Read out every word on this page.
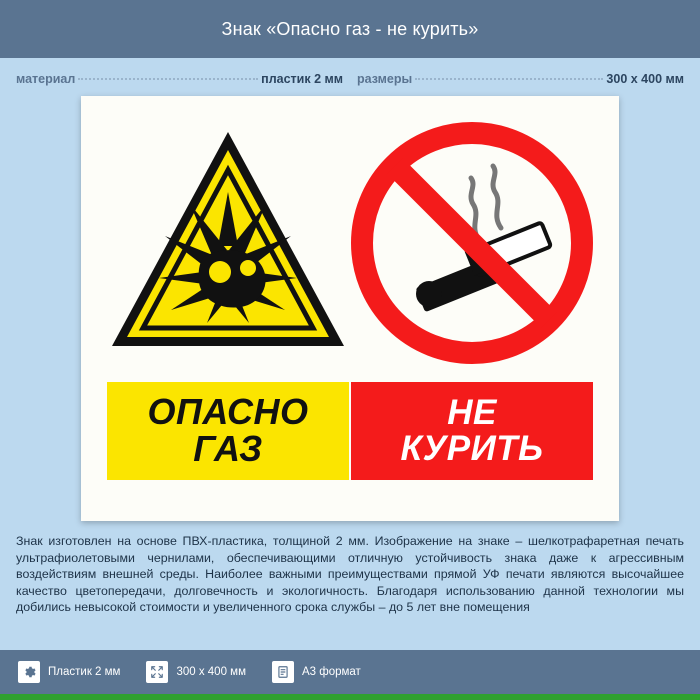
Знак «Опасно газ - не курить»
материал	пластик 2 мм размеры	300 x 400 мм
ОПАСНО
ГАЗ
НЕ
КУРИТЬ
Знак изготовлен на основе ПВХ-пластика, толщиной 2 мм. Изображение на знаке – шелкотрафаретная печать ультрафиолетовыми чернилами, обеспечивающими отличную устойчивость знака даже к агрессивным воздействиям внешней среды. Наиболее важными преимуществами прямой УФ печати являются высочайшее качество цветопередачи, долговечность и экологичность. Благодаря использованию данной технологии мы добились невысокой стоимости и увеличенного срока службы – до 5 лет вне помещения
Пластик 2 мм	300 x 400 мм	A3 формат
